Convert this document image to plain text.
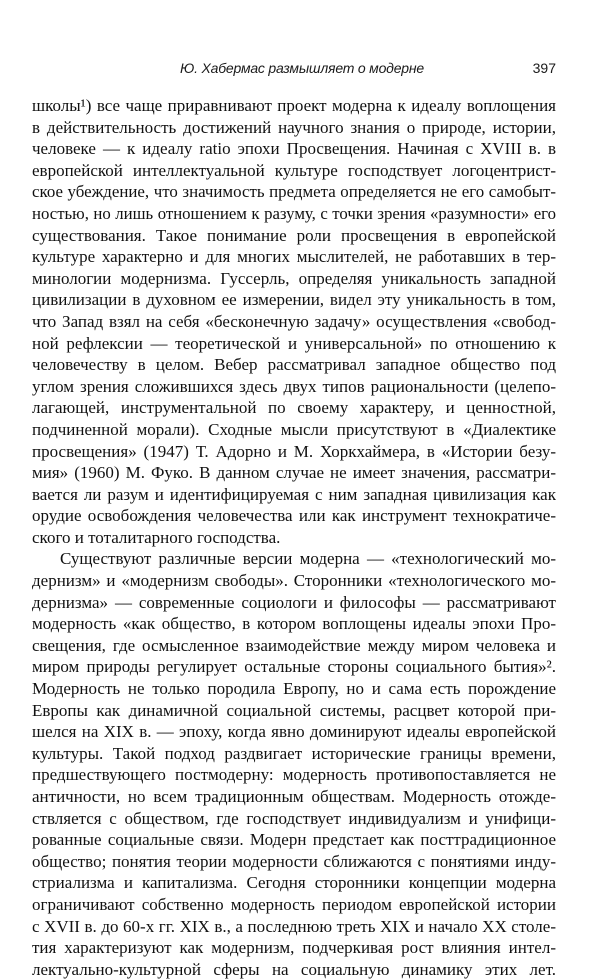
Ю. Хабермас размышляет о модерне	397
школы¹) все чаще приравнивают проект модерна к идеалу воплощения
в действительность достижений научного знания о природе, истории,
человеке — к идеалу ratio эпохи Просвещения. Начиная с XVIII в. в
европейской интеллектуальной культуре господствует логоцентрист-
ское убеждение, что значимость предмета определяется не его самобыт-
ностью, но лишь отношением к разуму, с точки зрения «разумности» его
существования. Такое понимание роли просвещения в европейской
культуре характерно и для многих мыслителей, не работавших в тер-
минологии модернизма. Гуссерль, определяя уникальность западной
цивилизации в духовном ее измерении, видел эту уникальность в том,
что Запад взял на себя «бесконечную задачу» осуществления «свобод-
ной рефлексии — теоретической и универсальной» по отношению к
человечеству в целом. Вебер рассматривал западное общество под
углом зрения сложившихся здесь двух типов рациональности (целепо-
лагающей, инструментальной по своему характеру, и ценностной,
подчиненной морали). Сходные мысли присутствуют в «Диалектике
просвещения» (1947) Т. Адорно и М. Хоркхаймера, в «Истории безу-
мия» (1960) М. Фуко. В данном случае не имеет значения, рассматри-
вается ли разум и идентифицируемая с ним западная цивилизация как
орудие освобождения человечества или как инструмент технократиче-
ского и тоталитарного господства.
Существуют различные версии модерна — «технологический мо-
дернизм» и «модернизм свободы». Сторонники «технологического мо-
дернизма» — современные социологи и философы — рассматривают
модерность «как общество, в котором воплощены идеалы эпохи Про-
свещения, где осмысленное взаимодействие между миром человека и
миром природы регулирует остальные стороны социального бытия»².
Модерность не только породила Европу, но и сама есть порождение
Европы как динамичной социальной системы, расцвет которой при-
шелся на XIX в. — эпоху, когда явно доминируют идеалы европейской
культуры. Такой подход раздвигает исторические границы времени,
предшествующего постмодерну: модерность противопоставляется не
античности, но всем традиционным обществам. Модерность отожде-
ствляется с обществом, где господствует индивидуализм и унифици-
рованные социальные связи. Модерн предстает как посттрадиционное
общество; понятия теории модерности сближаются с понятиями инду-
стриализма и капитализма. Сегодня сторонники концепции модерна
ограничивают собственно модерность периодом европейской истории
с XVII в. до 60-х гг. XIX в., а последнюю треть XIX и начало XX столе-
тия характеризуют как модернизм, подчеркивая рост влияния интел-
лектуально-культурной сферы на социальную динамику этих лет.
